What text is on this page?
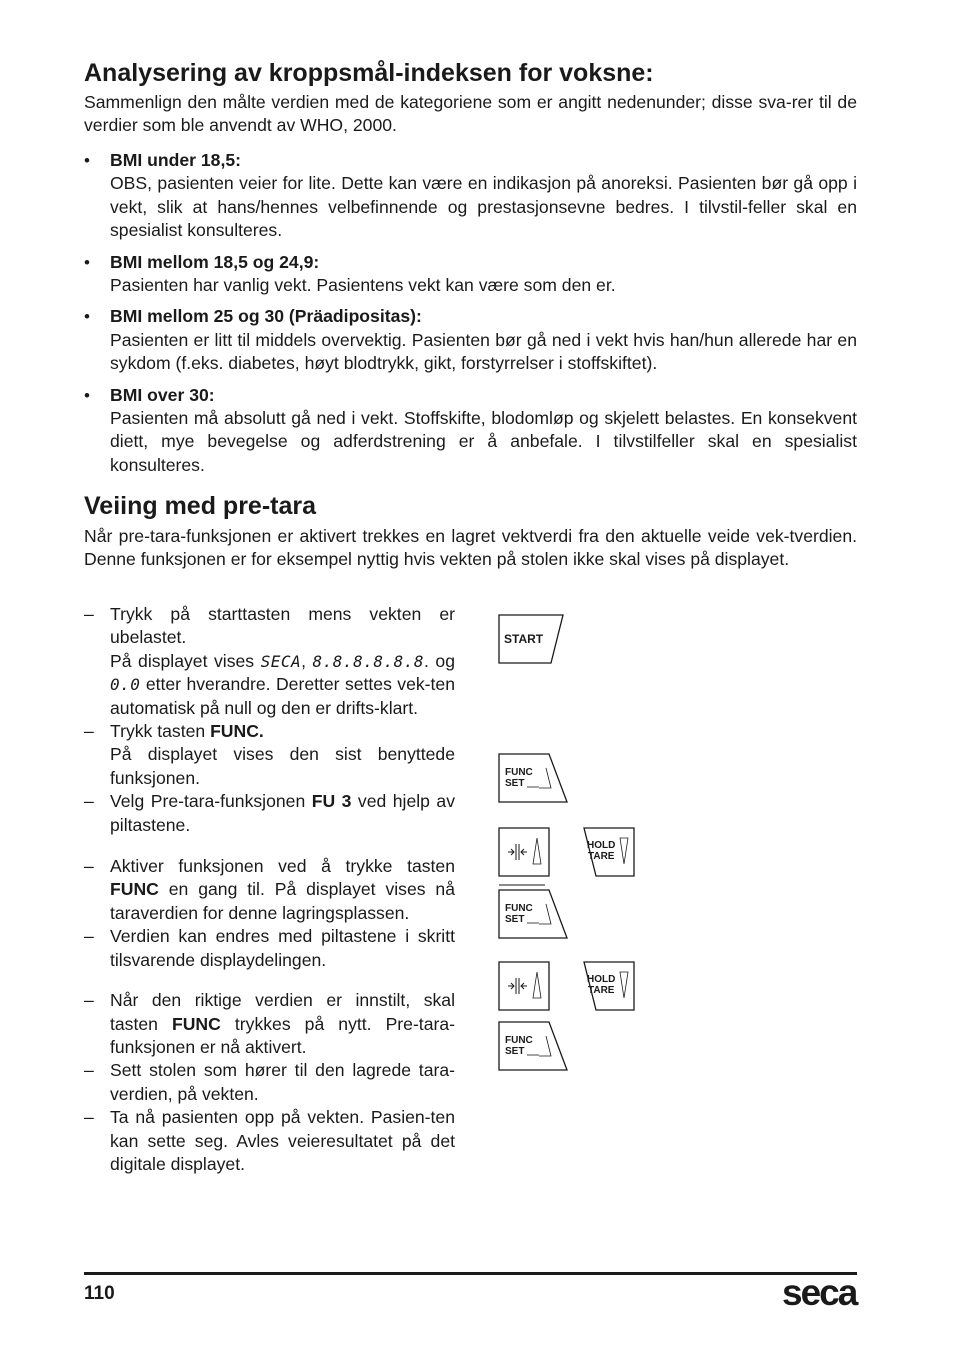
Analysering av kroppsmål-indeksen for voksne:

Sammenlign den målte verdien med de kategoriene som er angitt nedenunder; disse sva-rer til de verdier som ble anvendt av WHO, 2000.

• BMI under 18,5:
OBS, pasienten veier for lite. Dette kan være en indikasjon på anoreksi. Pasienten bør gå opp i vekt, slik at hans/hennes velbefinnende og prestasjonsevne bedres. I tilvstil-feller skal en spesialist konsulteres.
• BMI mellom 18,5 og 24,9:
Pasienten har vanlig vekt. Pasientens vekt kan være som den er.
• BMI mellom 25 og 30 (Präadipositas):
Pasienten er litt til middels overvektig. Pasienten bør gå ned i vekt hvis han/hun allerede har en sykdom (f.eks. diabetes, høyt blodtrykk, gikt, forstyrrelser i stoffskiftet).
• BMI over 30:
Pasienten må absolutt gå ned i vekt. Stoffskifte, blodomløp og skjelett belastes. En konsekvent diett, mye bevegelse og adferdstrening er å anbefale. I tilvstilfeller skal en spesialist konsulteres.
Veiing med pre-tara

Når pre-tara-funksjonen er aktivert trekkes en lagret vektverdi fra den aktuelle veide vek-tverdien. Denne funksjonen er for eksempel nyttig hvis vekten på stolen ikke skal vises på displayet.

– Trykk på starttasten mens vekten er ubelastet.
På displayet vises SECA, 8.8.8.8.8.8. og 0.0 etter hverandre. Deretter settes vek-ten automatisk på null og den er drifts-klart.
– Trykk tasten FUNC.
På displayet vises den sist benyttede funksjonen.
– Velg Pre-tara-funksjonen FU 3 ved hjelp av piltastene.
– Aktiver funksjonen ved å trykke tasten FUNC en gang til. På displayet vises nå taraverdien for denne lagringsplassen.
– Verdien kan endres med piltastene i skritt tilsvarende displaydelingen.
– Når den riktige verdien er innstilt, skal tasten FUNC trykkes på nytt. Pre-tara-funksjonen er nå aktivert.
– Sett stolen som hører til den lagrede tara-verdien, på vekten.
– Ta nå pasienten opp på vekten. Pasien-ten kan sette seg. Avles veieresultatet på det digitale displayet.
START
FUNC
SET
HOLD
TARE
FUNC
SET
HOLD
TARE
FUNC
SET
110	seca
